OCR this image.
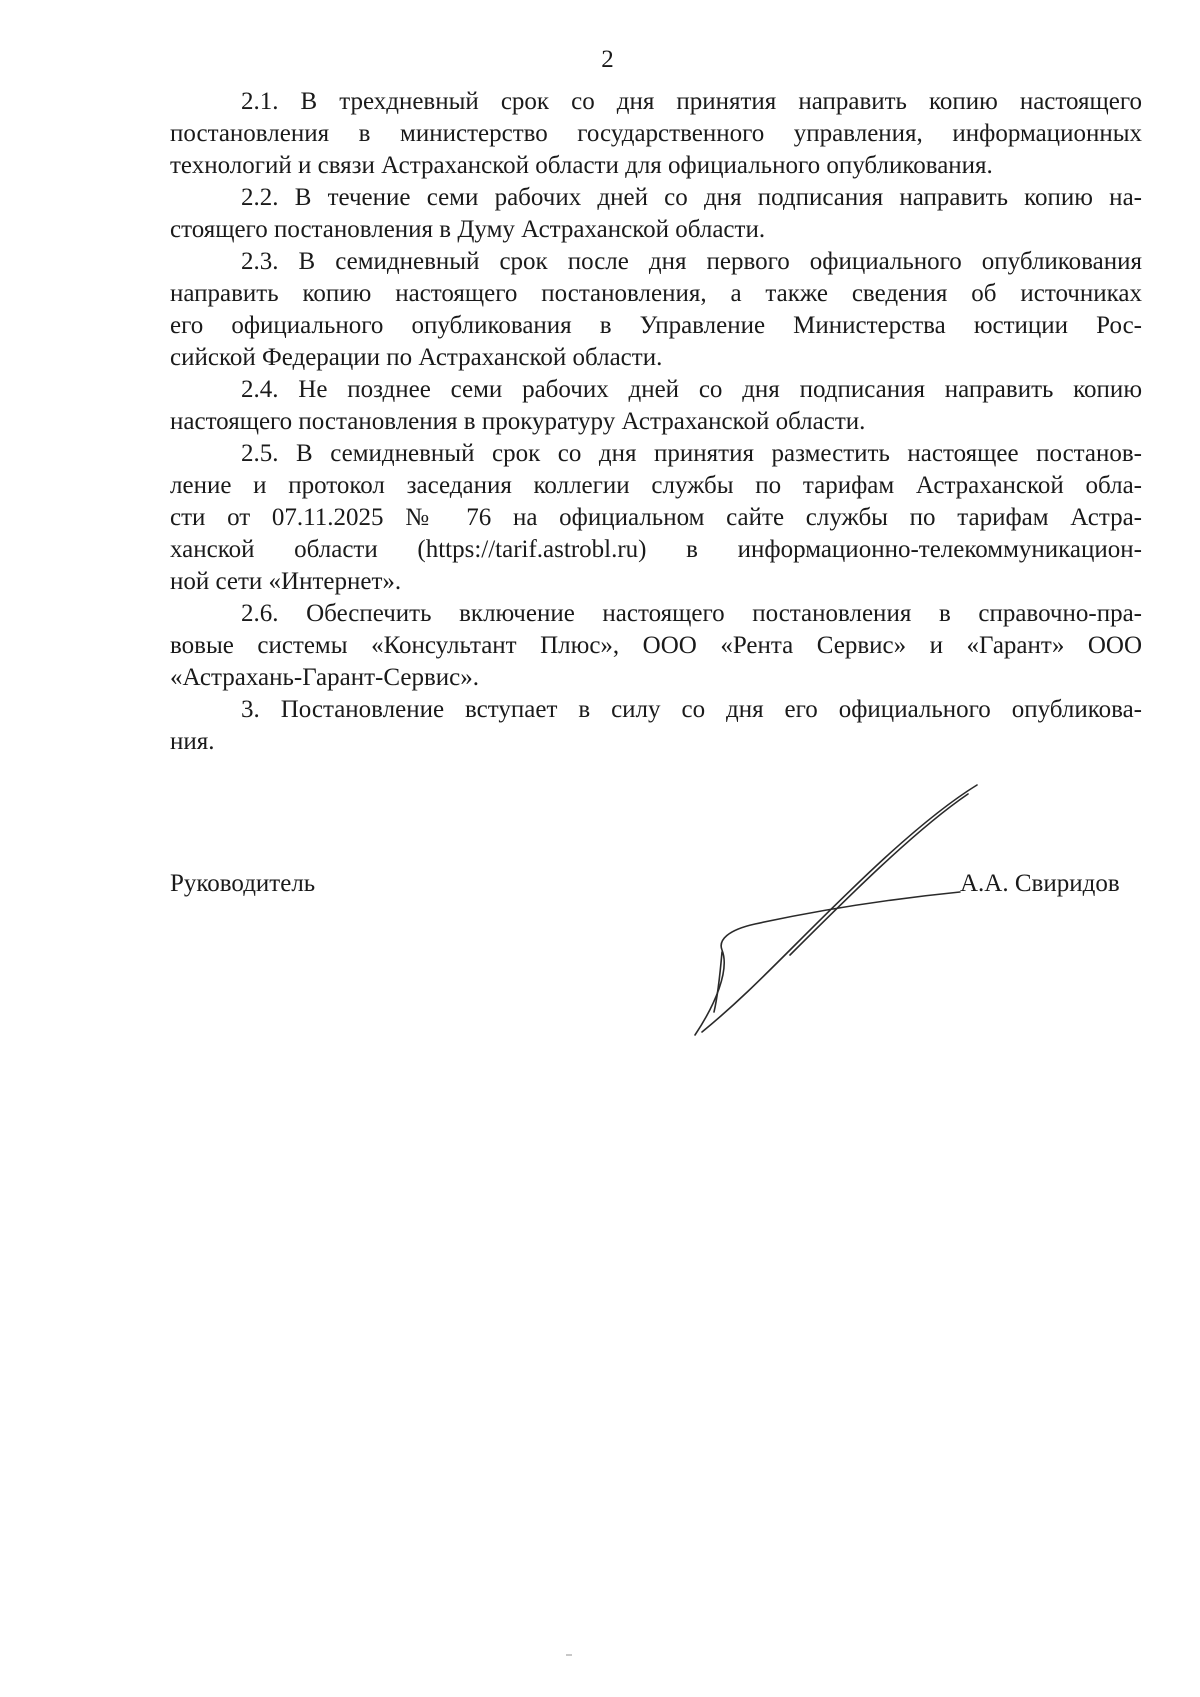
2
2.1. В трехдневный срок со дня принятия направить копию настоящего
постановления в министерство государственного управления, информационных
технологий и связи Астраханской области для официального опубликования.
2.2. В течение семи рабочих дней со дня подписания направить копию на-
стоящего постановления в Думу Астраханской области.
2.3. В семидневный срок после дня первого официального опубликования
направить копию настоящего постановления, а также сведения об источниках
его официального опубликования в Управление Министерства юстиции Рос-
сийской Федерации по Астраханской области.
2.4. Не позднее семи рабочих дней со дня подписания направить копию
настоящего постановления в прокуратуру Астраханской области.
2.5. В семидневный срок со дня принятия разместить настоящее постанов-
ление и протокол заседания коллегии службы по тарифам Астраханской обла-
сти от 07.11.2025 № 76 на официальном сайте службы по тарифам Астра-
ханской области (https://tarif.astrobl.ru) в информационно-телекоммуникацион-
ной сети «Интернет».
2.6. Обеспечить включение настоящего постановления в справочно-пра-
вовые системы «Консультант Плюс», ООО «Рента Сервис» и «Гарант» ООО
«Астрахань-Гарант-Сервис».
3. Постановление вступает в силу со дня его официального опубликова-
ния.
Руководитель	А.А. Свиридов
